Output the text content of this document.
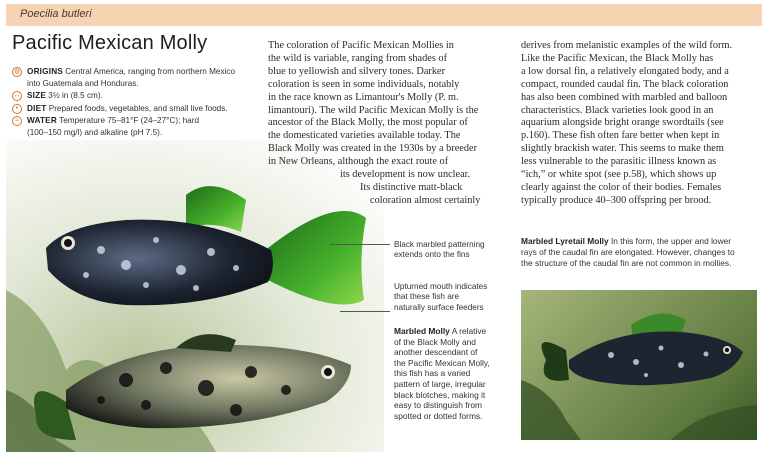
Poecilia butleri
Pacific Mexican Molly
◍ ORIGINS Central America, ranging from northern Mexico
into Guatemala and Honduras.
↔ SIZE 3½ in (8.5 cm).
•	DIET Prepared foods, vegetables, and small live foods.
≈ WATER Temperature 75–81°F (24–27°C); hard
(100–150 mg/l) and alkaline (pH 7.5).
Black marbled patterning
extends onto the fins
Upturned mouth indicates
that these fish are
naturally surface feeders
Marbled Molly A relative
of the Black Molly and
another descendant of
the Pacific Mexican Molly,
this fish has a varied
pattern of large, irregular
black blotches, making it
easy to distinguish from
spotted or dotted forms.
The coloration of Pacific Mexican Mollies in
the wild is variable, ranging from shades of
blue to yellowish and silvery tones. Darker
coloration is seen in some individuals, notably
in the race known as Limantour's Molly (P. m.
limantouri). The wild Pacific Mexican Molly is the
ancestor of the Black Molly, the most popular of
the domesticated varieties available today. The
Black Molly was created in the 1930s by a breeder
in New Orleans, although the exact route of
its development is now unclear.
Its distinctive matt-black
coloration almost certainly
derives from melanistic examples of the wild form.
Like the Pacific Mexican, the Black Molly has
a low dorsal fin, a relatively elongated body, and a
compact, rounded caudal fin. The black coloration
has also been combined with marbled and balloon
characteristics. Black varieties look good in an
aquarium alongside bright orange swordtails (see
p.160). These fish often fare better when kept in
slightly brackish water. This seems to make them
less vulnerable to the parasitic illness known as
“ich,” or white spot (see p.58), which shows up
clearly against the color of their bodies. Females
typically produce 40–300 offspring per brood.
Marbled Lyretail Molly In this form, the upper and lower
rays of the caudal fin are elongated. However, changes to
the structure of the caudal fin are not common in mollies.
